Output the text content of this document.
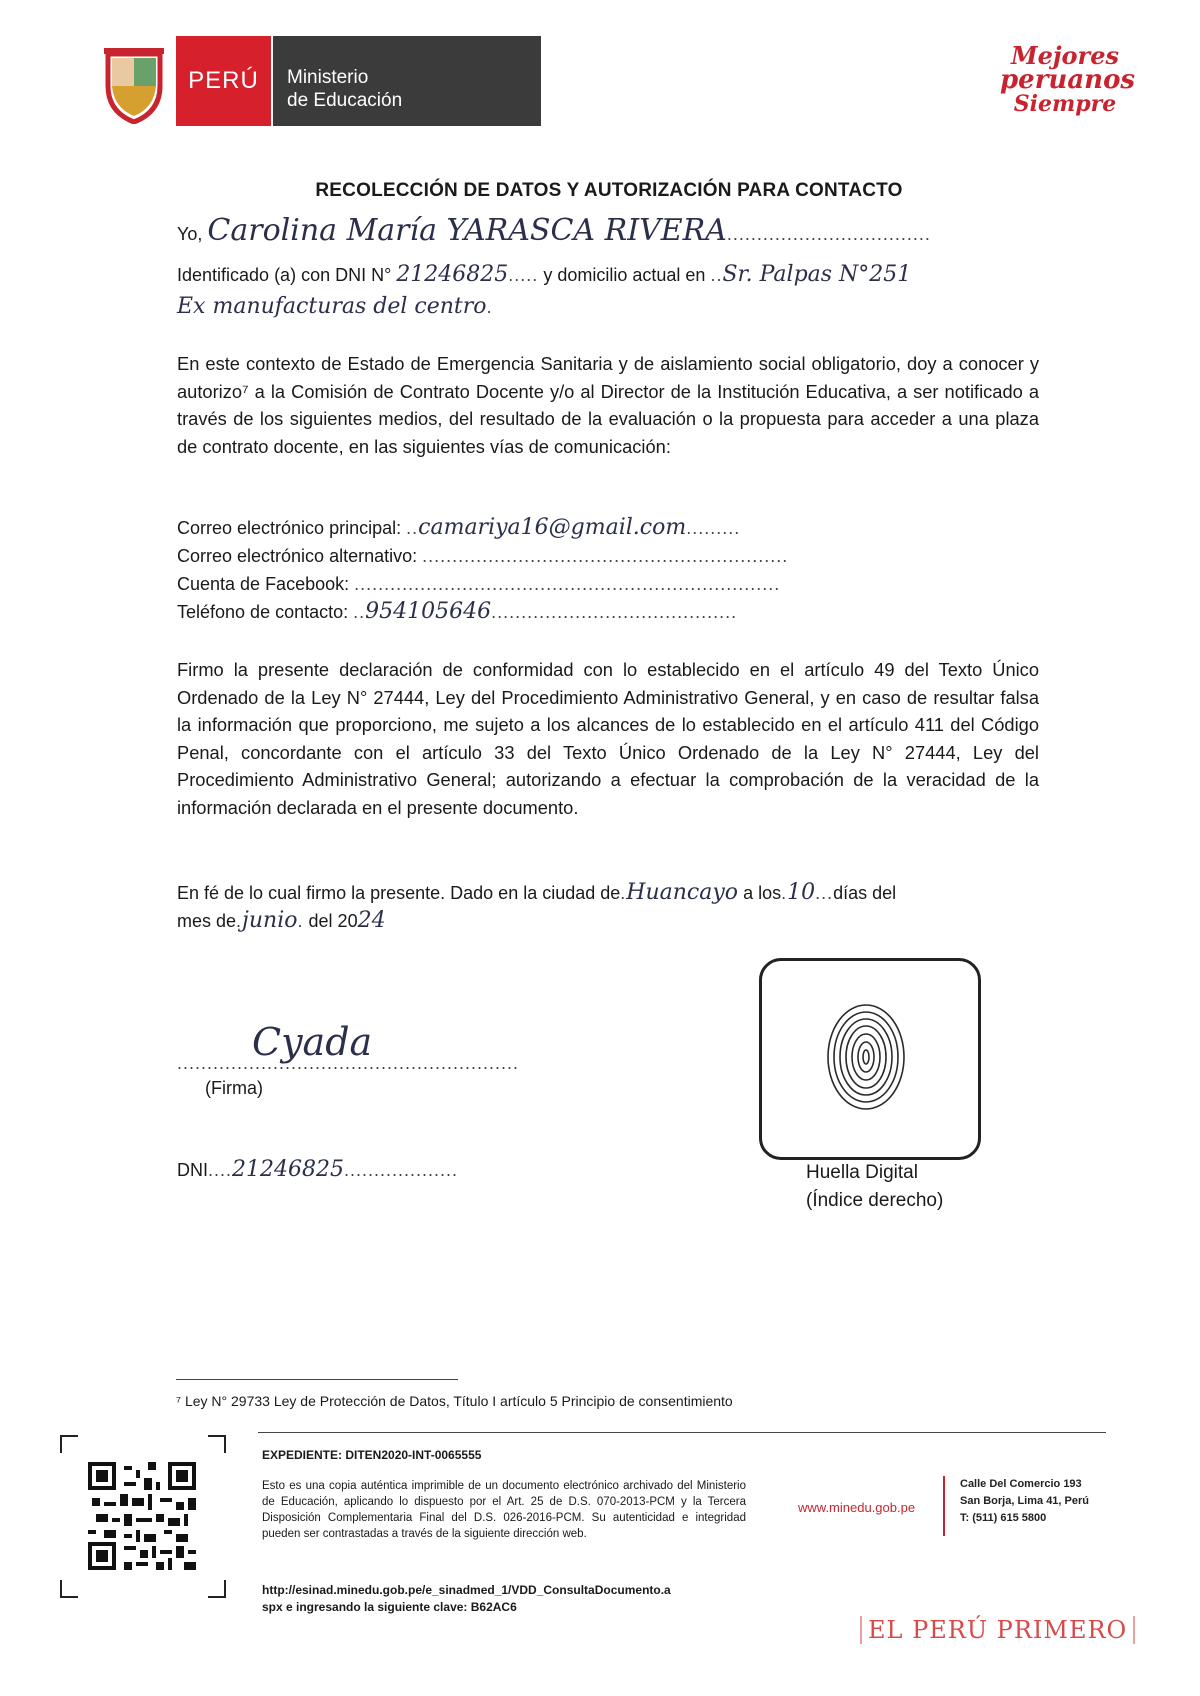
PERÚ Ministerio
de Educación
Mejores
peruanos
Siempre
RECOLECCIÓN DE DATOS Y AUTORIZACIÓN PARA CONTACTO
Yo, Carolina María YARASCA RIVERA..................................
Identificado (a) con DNI N° 21246825..... y domicilio actual en ..Sr. Palpas N°251
Ex manufacturas del centro.
En este contexto de Estado de Emergencia Sanitaria y de aislamiento social obligatorio, doy a conocer y autorizo⁷ a la Comisión de Contrato Docente y/o al Director de la Institución Educativa, a ser notificado a través de los siguientes medios, del resultado de la evaluación o la propuesta para acceder a una plaza de contrato docente, en las siguientes vías de comunicación:
Correo electrónico principal: ..camariya16@gmail.com.........
Correo electrónico alternativo: .............................................................
Cuenta de Facebook: .......................................................................
Teléfono de contacto: ..954105646.........................................
Firmo la presente declaración de conformidad con lo establecido en el artículo 49 del Texto Único Ordenado de la Ley N° 27444, Ley del Procedimiento Administrativo General, y en caso de resultar falsa la información que proporciono, me sujeto a los alcances de lo establecido en el artículo 411 del Código Penal, concordante con el artículo 33 del Texto Único Ordenado de la Ley N° 27444, Ley del Procedimiento Administrativo General; autorizando a efectuar la comprobación de la veracidad de la información declarada en el presente documento.
En fé de lo cual firmo la presente. Dado en la ciudad de.Huancayo a los.10...días del
mes de.junio. del 2024
.........................................................
Cyada
(Firma)
DNI....21246825...................	Huella Digital
(Índice derecho)
⁷ Ley N° 29733 Ley de Protección de Datos, Título I artículo 5 Principio de consentimiento
EXPEDIENTE: DITEN2020-INT-0065555
Esto es una copia auténtica imprimible de un documento electrónico archivado del Ministerio de Educación, aplicando lo dispuesto por el Art. 25 de D.S. 070-2013-PCM y la Tercera Disposición Complementaria Final del D.S. 026-2016-PCM. Su autenticidad e integridad pueden ser contrastadas a través de la siguiente dirección web.
www.minedu.gob.pe
Calle Del Comercio 193
San Borja, Lima 41, Perú
T: (511) 615 5800
http://esinad.minedu.gob.pe/e_sinadmed_1/VDD_ConsultaDocumento.a
spx e ingresando la siguiente clave: B62AC6
EL PERÚ PRIMERO
